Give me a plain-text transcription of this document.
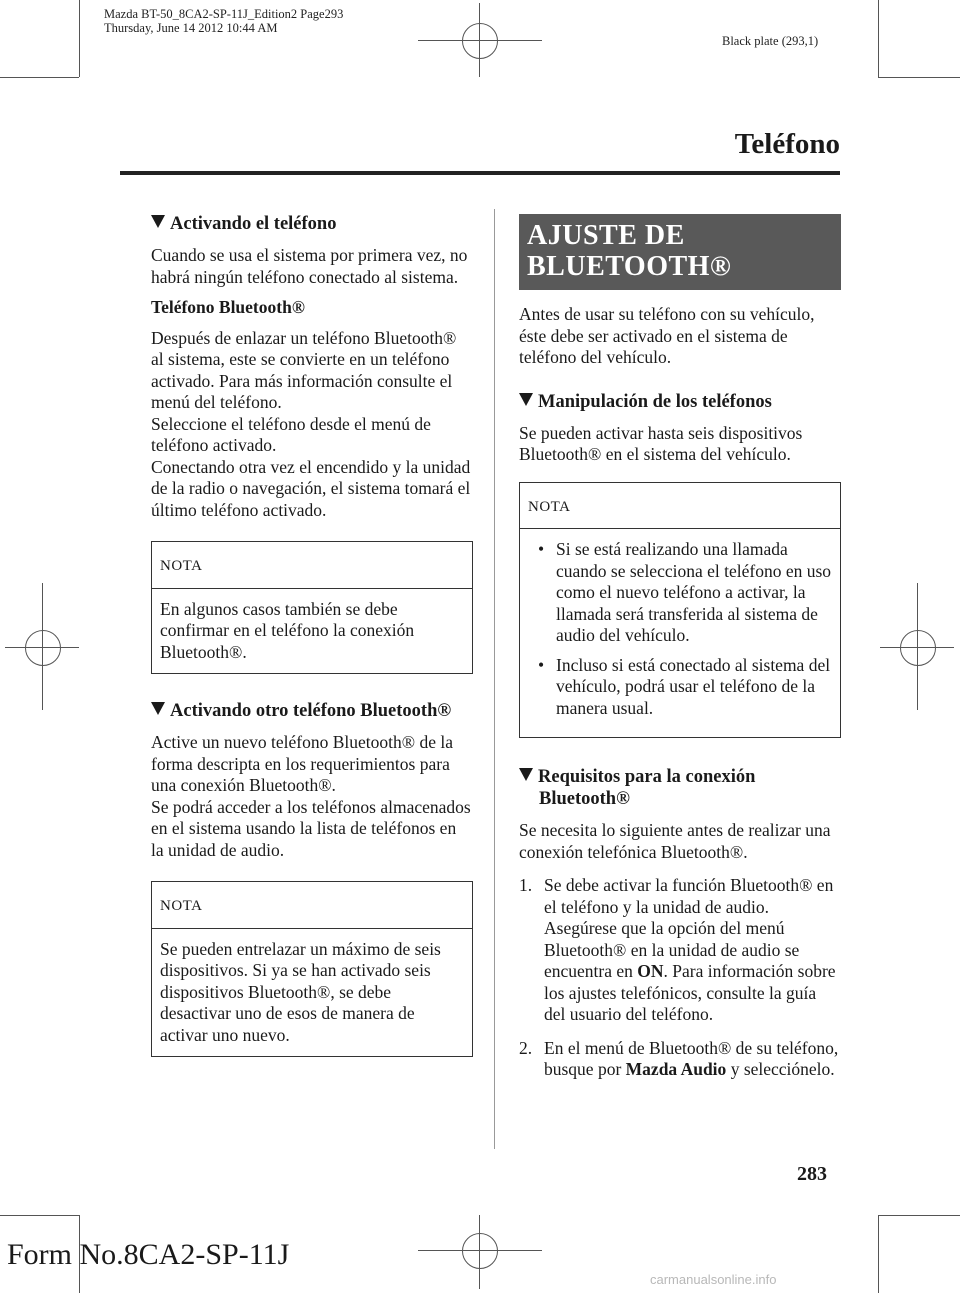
Mazda BT-50_8CA2-SP-11J_Edition2 Page293
Thursday, June 14 2012 10:44 AM
Black plate (293,1)
Teléfono
Activando el teléfono

Cuando se usa el sistema por primera vez, no habrá ningún teléfono conectado al sistema.

Teléfono Bluetooth®

Después de enlazar un teléfono Bluetooth® al sistema, este se convierte en un teléfono activado. Para más información consulte el menú del teléfono.

Seleccione el teléfono desde el menú de teléfono activado.

Conectando otra vez el encendido y la unidad de la radio o navegación, el sistema tomará el último teléfono activado.

NOTA
En algunos casos también se debe confirmar en el teléfono la conexión Bluetooth®.
Activando otro teléfono Bluetooth®

Active un nuevo teléfono Bluetooth® de la forma descripta en los requerimientos para una conexión Bluetooth®.

Se podrá acceder a los teléfonos almacenados en el sistema usando la lista de teléfonos en la unidad de audio.

NOTA
Se pueden entrelazar un máximo de seis dispositivos. Si ya se han activado seis dispositivos Bluetooth®, se debe desactivar uno de esos de manera de activar uno nuevo.
AJUSTE DE
BLUETOOTH®

Antes de usar su teléfono con su vehículo, éste debe ser activado en el sistema de teléfono del vehículo.

Manipulación de los teléfonos

Se pueden activar hasta seis dispositivos Bluetooth® en el sistema del vehículo.

NOTA
• Si se está realizando una llamada cuando se selecciona el teléfono en uso como el nuevo teléfono a activar, la llamada será transferida al sistema de audio del vehículo.
• Incluso si está conectado al sistema del vehículo, podrá usar el teléfono de la manera usual.
Requisitos para la conexión Bluetooth®

Se necesita lo siguiente antes de realizar una conexión telefónica Bluetooth®.

1. Se debe activar la función Bluetooth® en el teléfono y la unidad de audio. Asegúrese que la opción del menú Bluetooth® en la unidad de audio se encuentra en ON. Para información sobre los ajustes telefónicos, consulte la guía del usuario del teléfono.
2. En el menú de Bluetooth® de su teléfono, busque por Mazda Audio y selecciónelo.
283
Form No.8CA2-SP-11J
carmanualsonline.info
